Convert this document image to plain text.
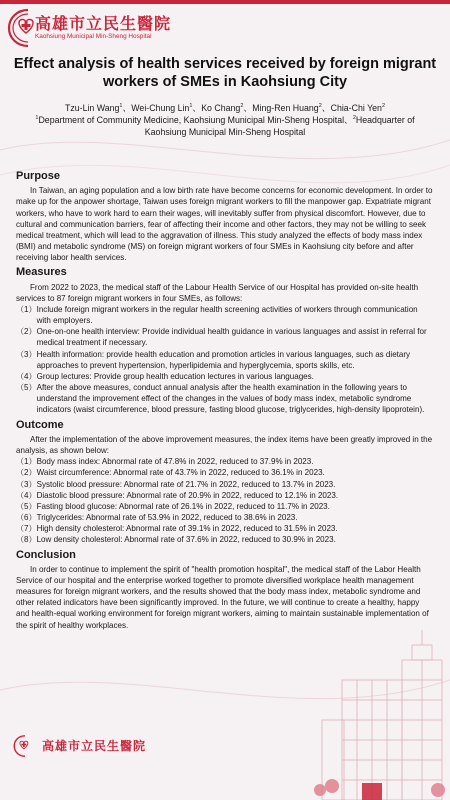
高雄市立民生醫院
Kaohsiung Municipal Min-Sheng Hospital
Effect analysis of health services received by foreign migrant
workers of SMEs in Kaohsiung City
Tzu-Lin Wang$^1$、Wei-Chung Lin$^1$、Ko Chang$^2$、Ming-Ren Huang$^2$、Chia-Chi Yen$^2$
$^1$Department of Community Medicine, Kaohsiung Municipal Min-Sheng Hospital、$^2$Headquarter of
Kaohsiung Municipal Min-Sheng Hospital
Purpose

In Taiwan, an aging population and a low birth rate have become concerns for economic development. In order to make up for the anpower shortage, Taiwan uses foreign migrant workers to fill the manpower gap. Expatriate migrant workers, who have to work hard to earn their wages, will inevitably suffer from physical discomfort. However, due to cultural and communication barriers, fear of affecting their income and other factors, they may not be willing to seek medical treatment, which will lead to the aggravation of illness. This study analyzed the effects of body mass index (BMI) and metabolic syndrome (MS) on foreign migrant workers of four SMEs in Kaohsiung city before and after receiving labor health services.

Measures

From 2022 to 2023, the medical staff of the Labour Health Service of our Hospital has provided on-site health services to 87 foreign migrant workers in four SMEs, as follows:

（1） Include foreign migrant workers in the regular health screening activities of workers through communication with employers.
（2） One-on-one health interview: Provide individual health guidance in various languages and assist in referral for medical treatment if necessary.
（3） Health information: provide health education and promotion articles in various languages, such as dietary approaches to prevent hypertension, hyperlipidemia and hyperglycemia, sports skills, etc.
（4） Group lectures: Provide group health education lectures in various languages.
（5） After the above measures, conduct annual analysis after the health examination in the following years to understand the improvement effect of the changes in the values of body mass index, metabolic syndrome indicators (waist circumference, blood pressure, fasting blood glucose, triglycerides, high-density lipoprotein).
Outcome

After the implementation of the above improvement measures, the index items have been greatly improved in the analysis, as shown below:

（1） Body mass index: Abnormal rate of 47.8% in 2022, reduced to 37.9% in 2023.
（2） Waist circumference: Abnormal rate of 43.7% in 2022, reduced to 36.1% in 2023.
（3） Systolic blood pressure: Abnormal rate of 21.7% in 2022, reduced to 13.7% in 2023.
（4） Diastolic blood pressure: Abnormal rate of 20.9% in 2022, reduced to 12.1% in 2023.
（5） Fasting blood glucose: Abnormal rate of 26.1% in 2022, reduced to 11.7% in 2023.
（6） Triglycerides: Abnormal rate of 53.9% in 2022, reduced to 38.6% in 2023.
（7） High density cholesterol: Abnormal rate of 39.1% in 2022, reduced to 31.5% in 2023.
（8） Low density cholesterol: Abnormal rate of 37.6% in 2022, reduced to 30.9% in 2023.
Conclusion

In order to continue to implement the spirit of "health promotion hospital", the medical staff of the Labor Health Service of our hospital and the enterprise worked together to promote diversified workplace health management measures for foreign migrant workers, and the results showed that the body mass index, metabolic syndrome and other related indicators have been significantly improved. In the future, we will continue to create a healthy, happy and health-equal working environment for foreign migrant workers, aiming to maintain sustainable implementation of the spirit of healthy workplaces.

高雄市立民生醫院
